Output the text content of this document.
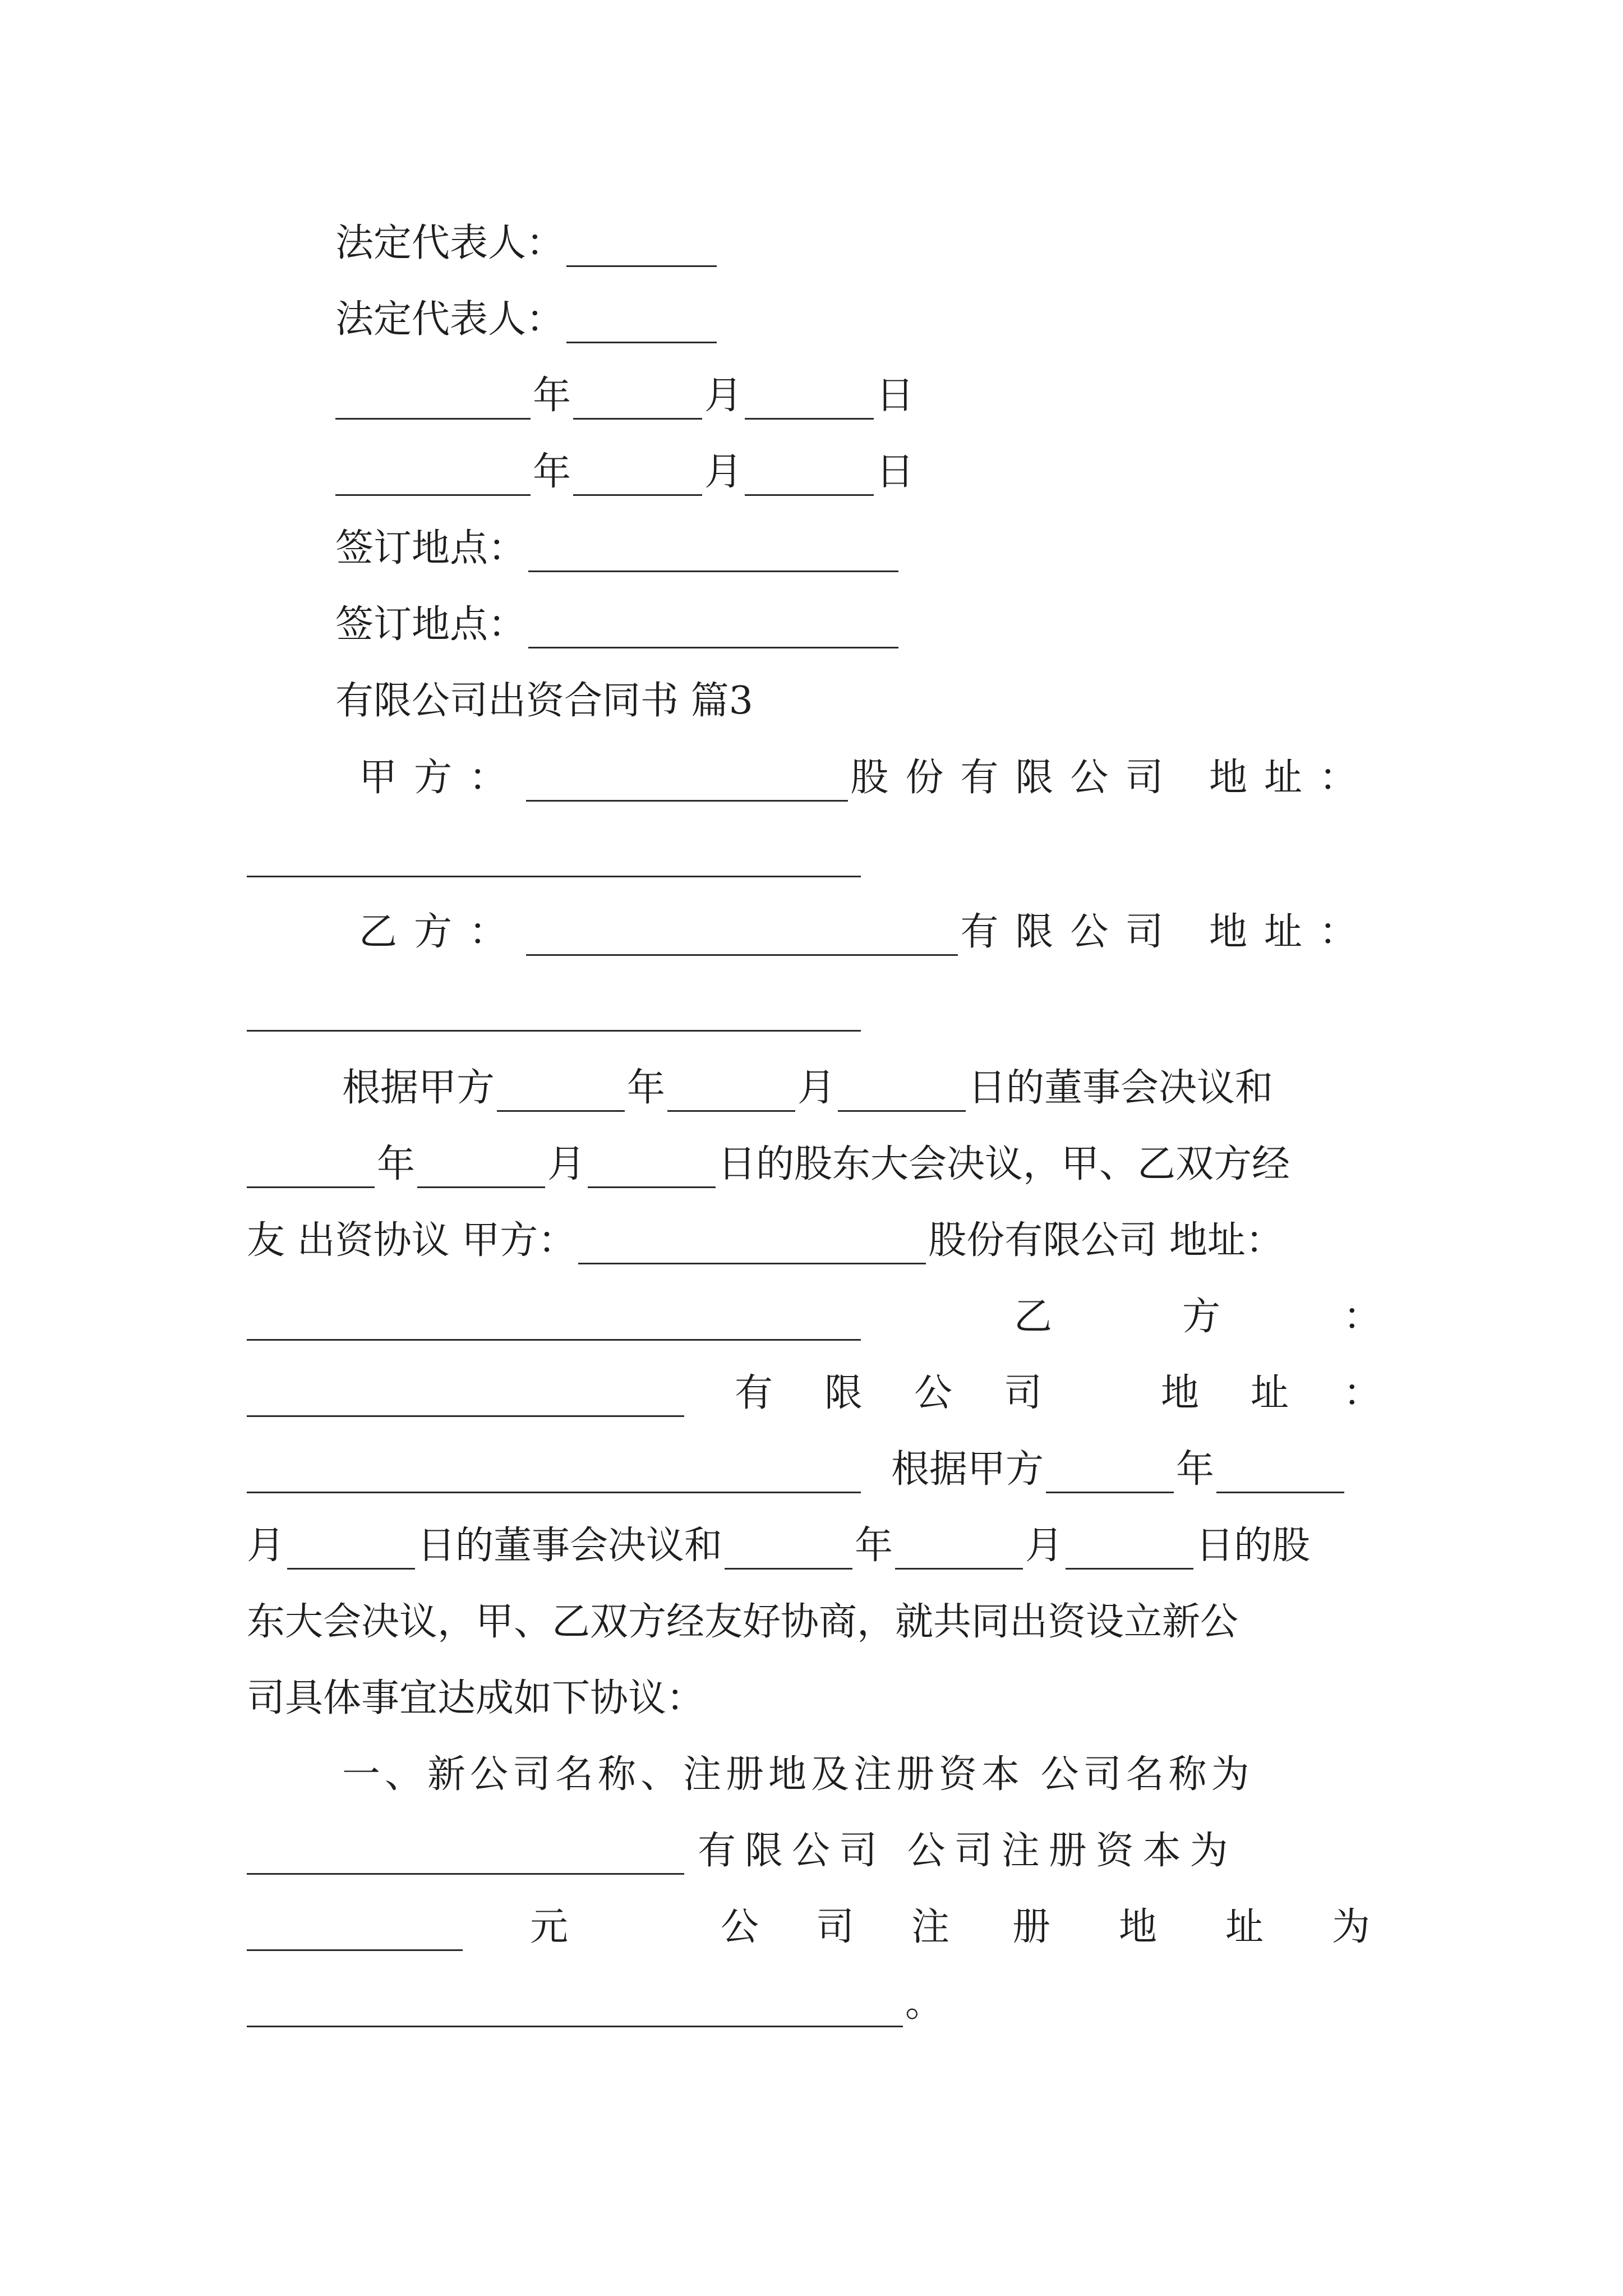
法定代表人：
法定代表人：
年	月	日
年	月	日
签订地点：
签订地点：
有限公司出资合同书 篇3
甲方：	股份有限公司 地址：
乙方：	有限公司 地址：
根据甲方	年	月	日的董事会决议和
年	月	日的股东大会决议，甲、乙双方经
友 出资协议 甲方：	股份有限公司 地址：
乙	方	：
有 限 公 司	地 址 ：
根据甲方	年
月	日的董事会决议和	年	月	日的股
东大会决议，甲、乙双方经友好协商，就共同出资设立新公
司具体事宜达成如下协议：
一、新公司名称、注册地及注册资本 公司名称为
有限公司 公司注册资本为
元	公 司 注 册 地 址 为
。
